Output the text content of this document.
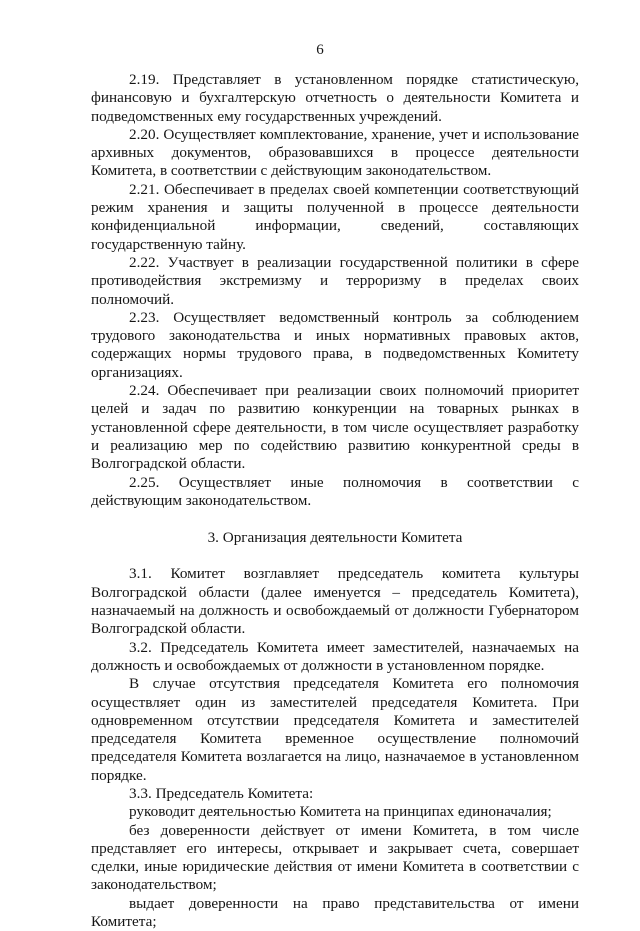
6

2.19. Представляет в установленном порядке статистическую, финансовую и бухгалтерскую отчетность о деятельности Комитета и подведомственных ему государственных учреждений.

2.20. Осуществляет комплектование, хранение, учет и использование архивных документов, образовавшихся в процессе деятельности Комитета, в соответствии с действующим законодательством.

2.21. Обеспечивает в пределах своей компетенции соответствующий режим хранения и защиты полученной в процессе деятельности конфиденциальной информации, сведений, составляющих государственную тайну.

2.22. Участвует в реализации государственной политики в сфере противодействия экстремизму и терроризму в пределах своих полномочий.

2.23. Осуществляет ведомственный контроль за соблюдением трудового законодательства и иных нормативных правовых актов, содержащих нормы трудового права, в подведомственных Комитету организациях.

2.24. Обеспечивает при реализации своих полномочий приоритет целей и задач по развитию конкуренции на товарных рынках в установленной сфере деятельности, в том числе осуществляет разработку и реализацию мер по содействию развитию конкурентной среды в Волгоградской области.

2.25. Осуществляет иные полномочия в соответствии с действующим законодательством.

3. Организация деятельности Комитета

3.1. Комитет возглавляет председатель комитета культуры Волгоградской области (далее именуется – председатель Комитета), назначаемый на должность и освобождаемый от должности Губернатором Волгоградской области.

3.2. Председатель Комитета имеет заместителей, назначаемых на должность и освобождаемых от должности в установленном порядке.

В случае отсутствия председателя Комитета его полномочия осуществляет один из заместителей председателя Комитета. При одновременном отсутствии председателя Комитета и заместителей председателя Комитета временное осуществление полномочий председателя Комитета возлагается на лицо, назначаемое в установленном порядке.

3.3. Председатель Комитета:

руководит деятельностью Комитета на принципах единоначалия;

без доверенности действует от имени Комитета, в том числе представляет его интересы, открывает и закрывает счета, совершает сделки, иные юридические действия от имени Комитета в соответствии с законодательством;

выдает доверенности на право представительства от имени Комитета;
